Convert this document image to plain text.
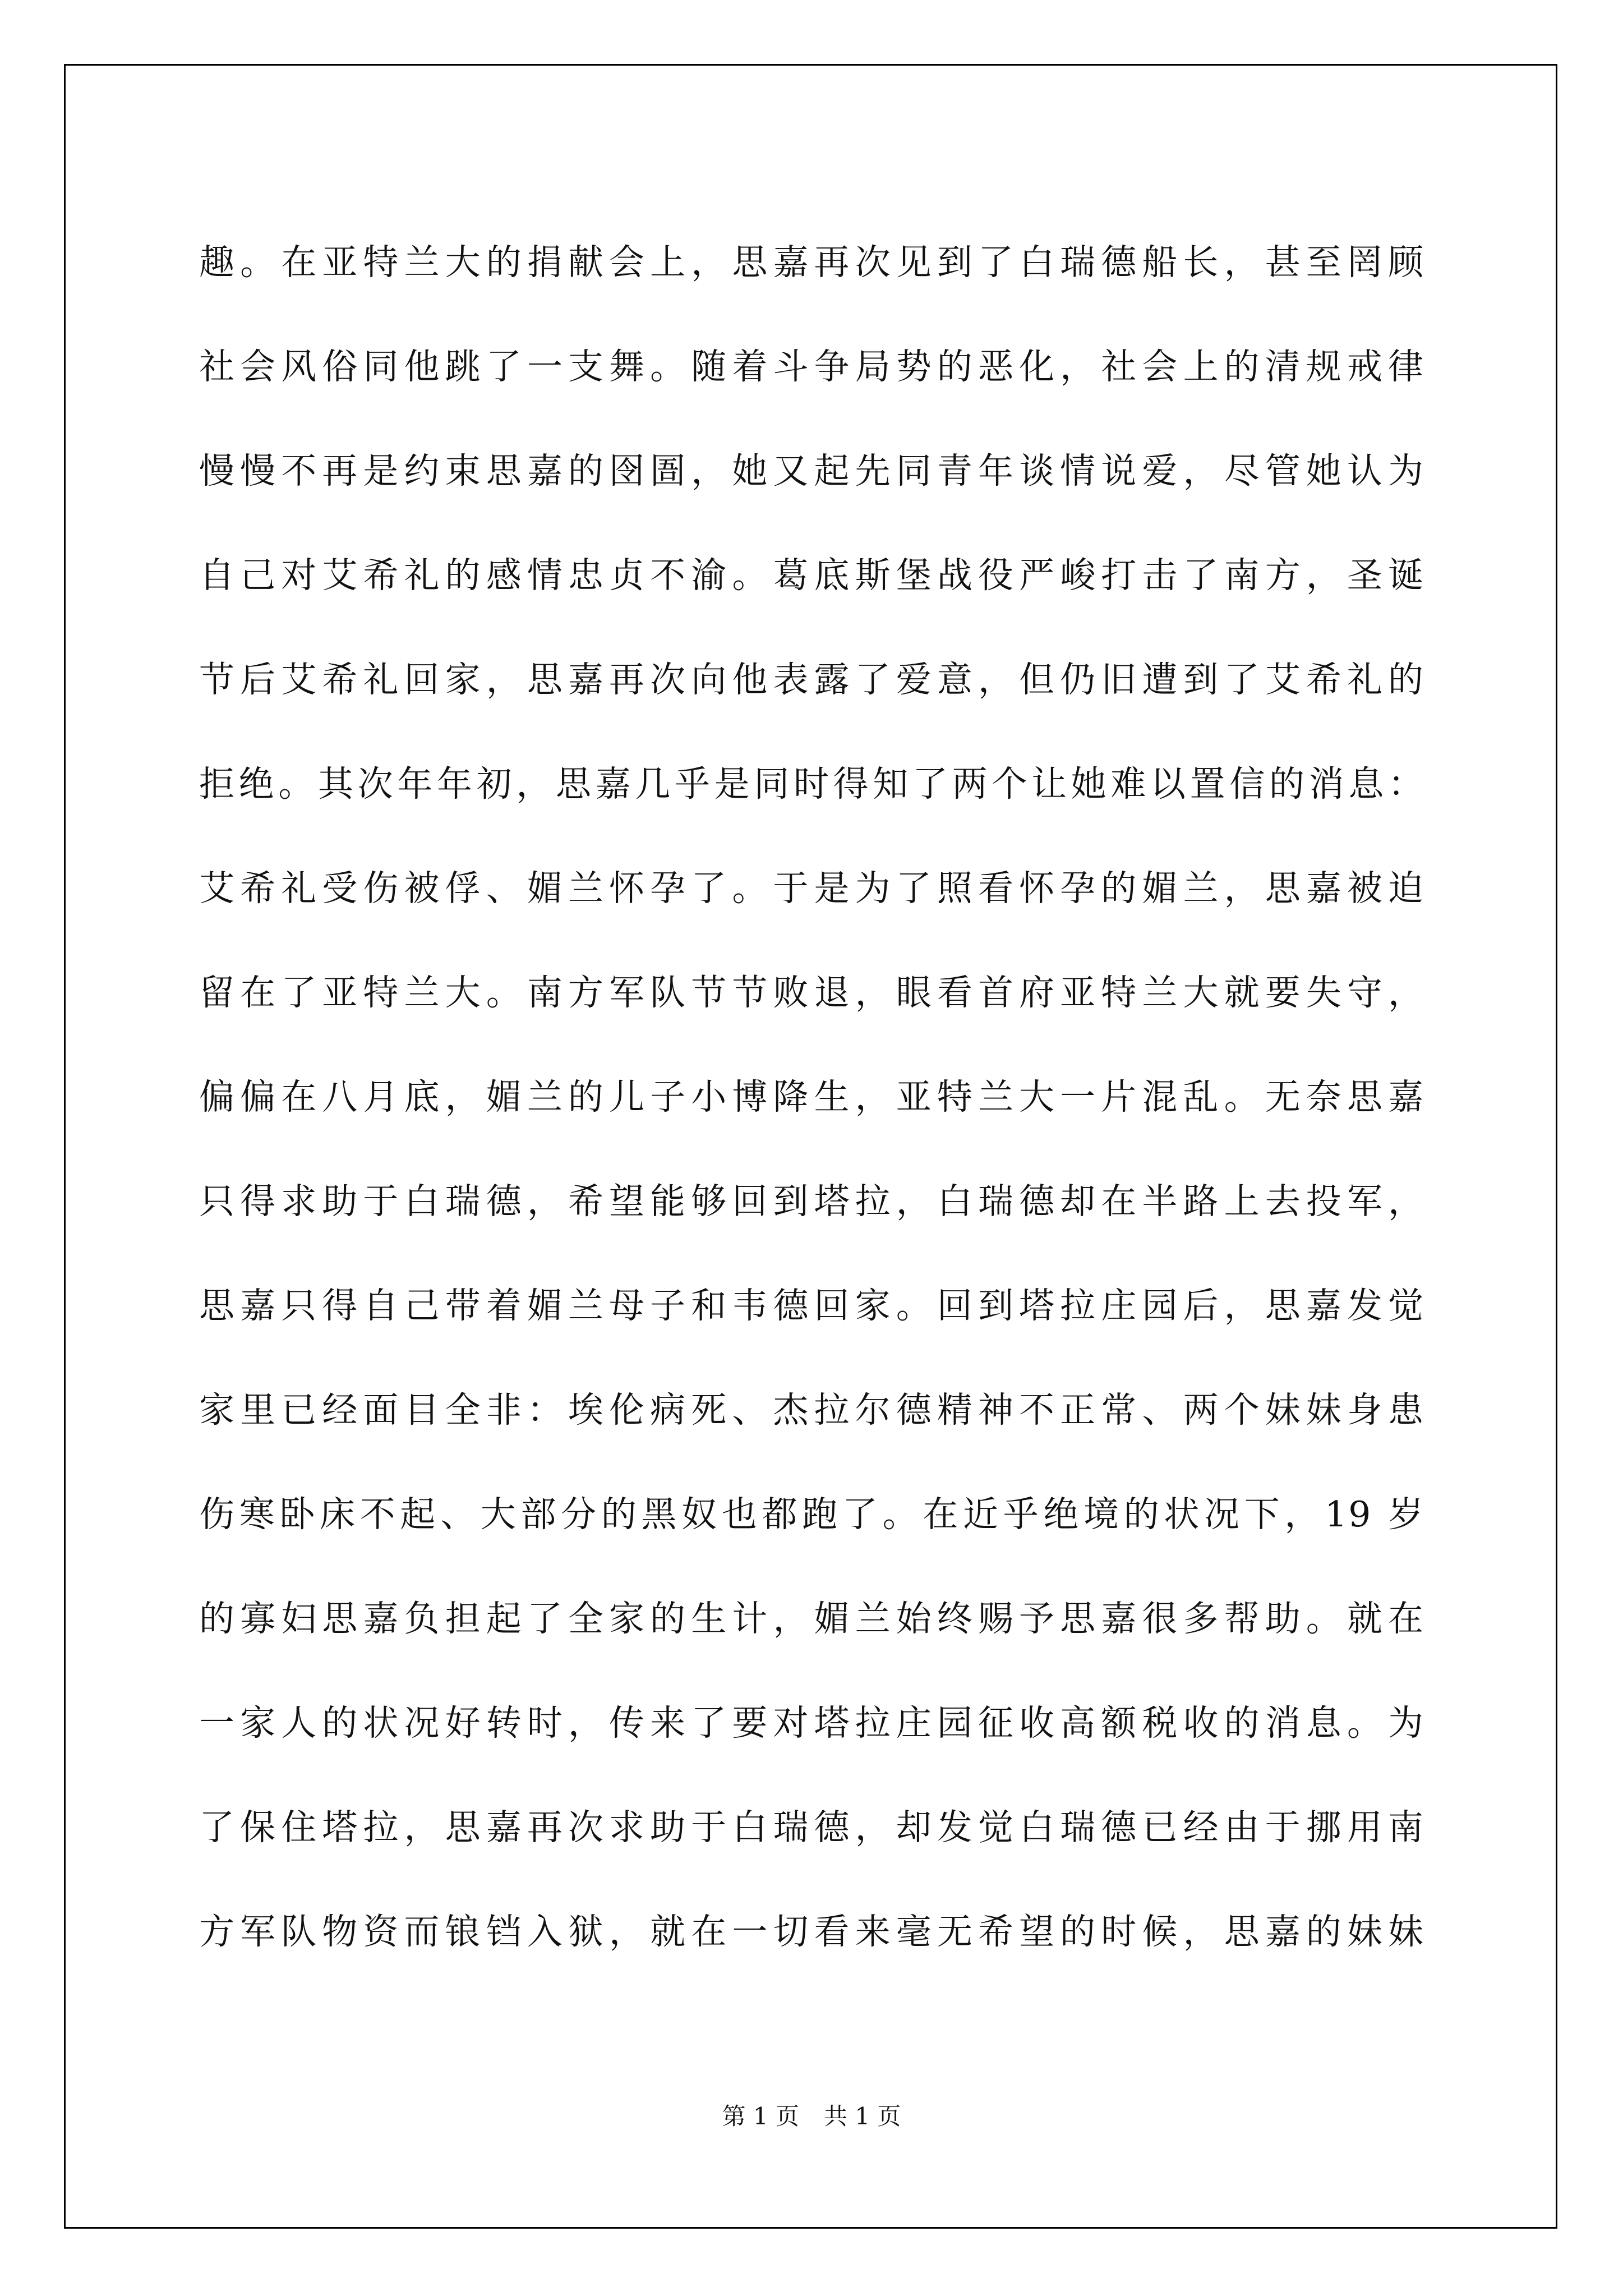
趣。在亚特兰大的捐献会上，思嘉再次见到了白瑞德船长，甚至罔顾
社会风俗同他跳了一支舞。随着斗争局势的恶化，社会上的清规戒律
慢慢不再是约束思嘉的囹圄，她又起先同青年谈情说爱，尽管她认为
自己对艾希礼的感情忠贞不渝。葛底斯堡战役严峻打击了南方，圣诞
节后艾希礼回家，思嘉再次向他表露了爱意，但仍旧遭到了艾希礼的
拒绝。其次年年初，思嘉几乎是同时得知了两个让她难以置信的消息：
艾希礼受伤被俘、媚兰怀孕了。于是为了照看怀孕的媚兰，思嘉被迫
留在了亚特兰大。南方军队节节败退，眼看首府亚特兰大就要失守，
偏偏在八月底，媚兰的儿子小博降生，亚特兰大一片混乱。无奈思嘉
只得求助于白瑞德，希望能够回到塔拉，白瑞德却在半路上去投军，
思嘉只得自己带着媚兰母子和韦德回家。回到塔拉庄园后，思嘉发觉
家里已经面目全非：埃伦病死、杰拉尔德精神不正常、两个妹妹身患
伤寒卧床不起、大部分的黑奴也都跑了。在近乎绝境的状况下，19 岁
的寡妇思嘉负担起了全家的生计，媚兰始终赐予思嘉很多帮助。就在
一家人的状况好转时，传来了要对塔拉庄园征收高额税收的消息。为
了保住塔拉，思嘉再次求助于白瑞德，却发觉白瑞德已经由于挪用南
方军队物资而锒铛入狱，就在一切看来毫无希望的时候，思嘉的妹妹
第 1 页 共 1 页
